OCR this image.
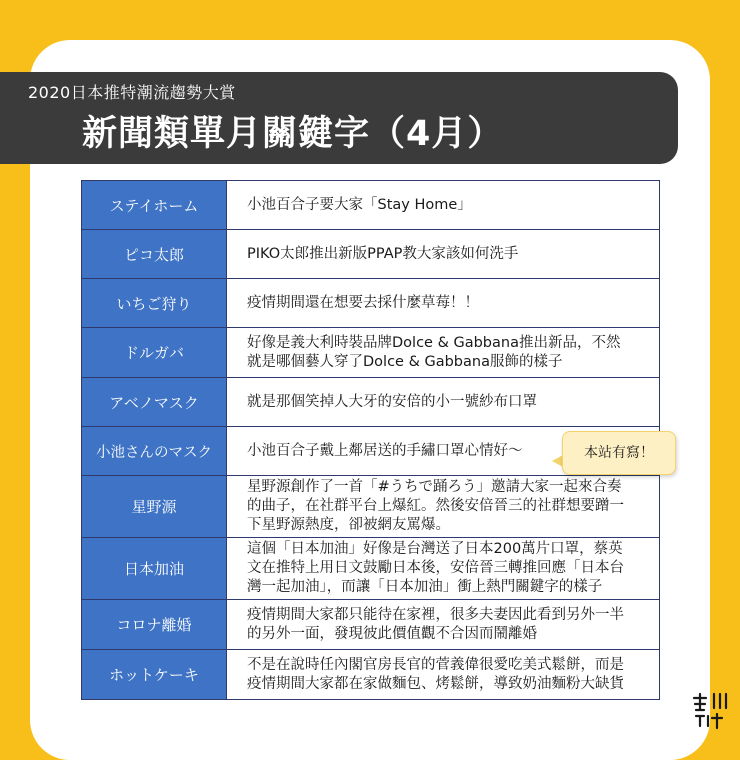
2020日本推特潮流趨勢大賞
新聞類單月關鍵字（4月）
ステイホーム	小池百合子要大家「Stay Home」
ピコ太郎	PIKO太郎推出新版PPAP教大家該如何洗手
いちご狩り	疫情期間還在想要去採什麼草莓！！
ドルガバ	好像是義大利時裝品牌Dolce & Gabbana推出新品，不然
就是哪個藝人穿了Dolce & Gabbana服飾的樣子
アベノマスク	就是那個笑掉人大牙的安倍的小一號紗布口罩
小池さんのマスク	小池百合子戴上鄰居送的手繡口罩心情好～
星野源	星野源創作了一首「#うちで踊ろう」邀請大家一起來合奏
的曲子，在社群平台上爆紅。然後安倍晉三的社群想要蹭一
下星野源熱度，卻被網友罵爆。
日本加油	這個「日本加油」好像是台灣送了日本200萬片口罩，蔡英
文在推特上用日文鼓勵日本後，安倍晉三轉推回應「日本台
灣一起加油」，而讓「日本加油」衝上熱門關鍵字的樣子
コロナ離婚	疫情期間大家都只能待在家裡，很多夫妻因此看到另外一半
的另外一面，發現彼此價值觀不合因而鬧離婚
ホットケーキ	不是在說時任內閣官房長官的菅義偉很愛吃美式鬆餅，而是
疫情期間大家都在家做麵包、烤鬆餅，導致奶油麵粉大缺貨
本站有寫！
